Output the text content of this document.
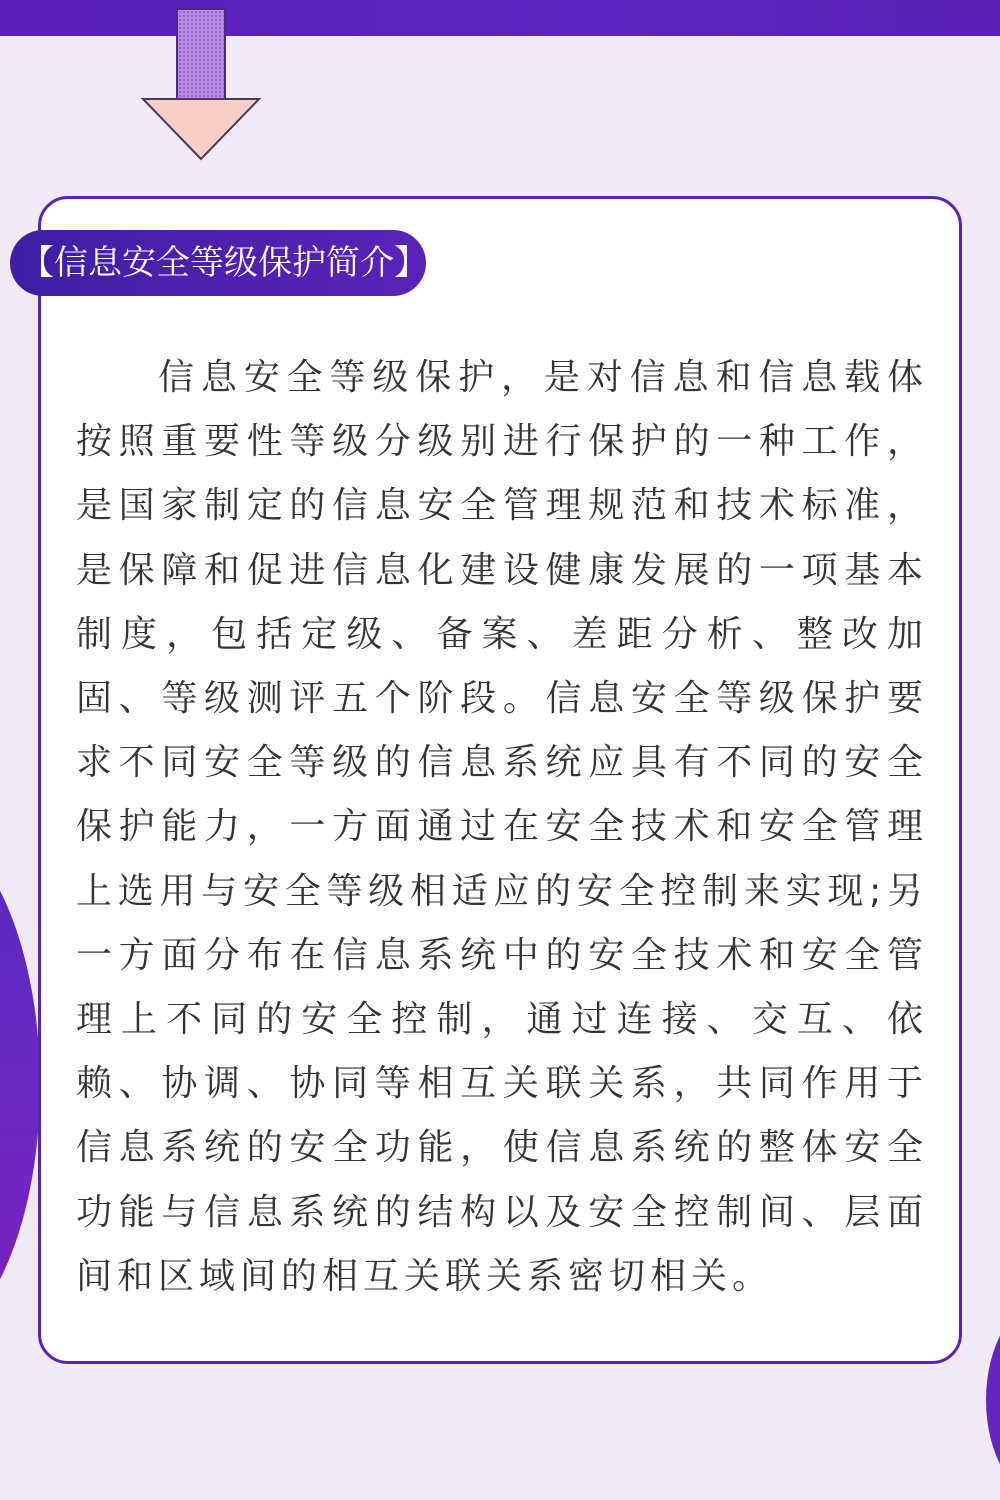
【信息安全等级保护简介】

信息安全等级保护，是对信息和信息载体按照重要性等级分级别进行保护的一种工作，是国家制定的信息安全管理规范和技术标准，是保障和促进信息化建设健康发展的一项基本制度，包括定级、备案、差距分析、整改加固、等级测评五个阶段。信息安全等级保护要求不同安全等级的信息系统应具有不同的安全保护能力，一方面通过在安全技术和安全管理上选用与安全等级相适应的安全控制来实现;另一方面分布在信息系统中的安全技术和安全管理上不同的安全控制，通过连接、交互、依赖、协调、协同等相互关联关系，共同作用于信息系统的安全功能，使信息系统的整体安全功能与信息系统的结构以及安全控制间、层面间和区域间的相互关联关系密切相关。
